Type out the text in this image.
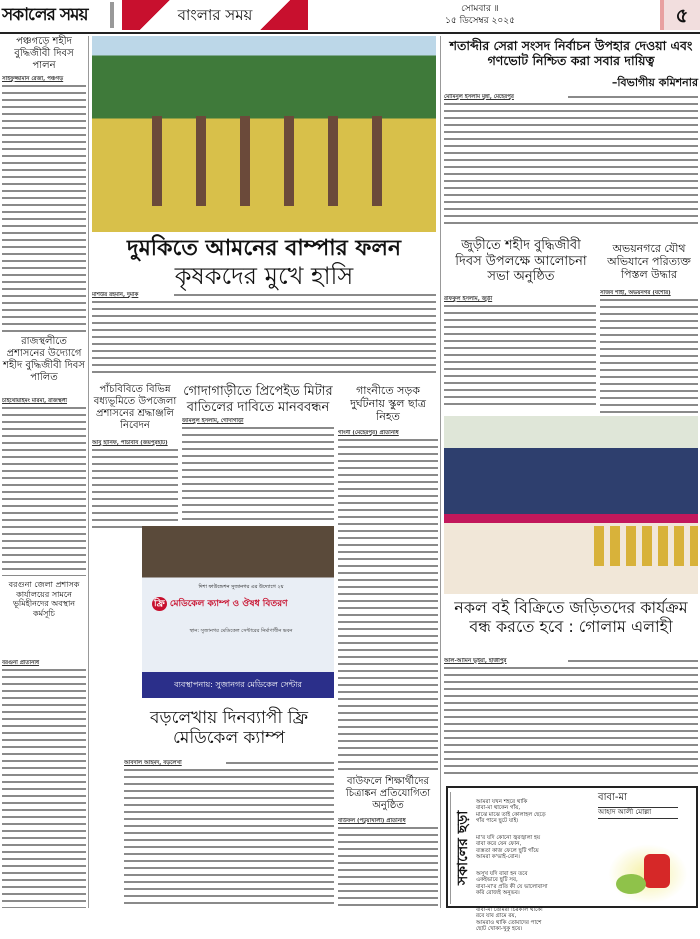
সকালের সময়	বাংলার সময়	সোমবার ॥
১৫ ডিসেম্বর ২০২৫	৫
পঞ্চগড়ে শহীদ বুদ্ধিজীবী দিবস পালন
সাইফুজ্জামান রেজা, পঞ্চগড়
রাজস্থলীতে প্রশাসনের উদ্যোগে শহীদ বুদ্ধিজীবী দিবস পালিত
চাইথোয়াইমং মারমা, রাজস্থলী
বরগুনা জেলা প্রশাসক কার্যালয়ের সামনে ভূমিহীনদের অবস্থান কর্মসূচি
বরগুনা প্রতিনিধি
দুমকিতে আমনের বাম্পার ফলন
কৃষকদের মুখে হাসি
মশিউর রহমান, দুমকি
পাঁচবিবিতে বিভিন্ন বধ্যভূমিতে উপজেলা প্রশাসনের শ্রদ্ধাঞ্জলি নিবেদন
আবু হানিফ, পাঁচবিবি (জয়পুরহাট)
গোদাগাড়ীতে প্রিপেইড মিটার বাতিলের দাবিতে মানববন্ধন
জমিলুল ইসলাম, গোদাগাড়ী
গাংনীতে সড়ক দুর্ঘটনায় স্কুল ছাত্র নিহত
গাংনী (মেহেরপুর) প্রতিনিধি
দিশা ফাউন্ডেশন সুজানগর এর উদ্যোগে ২য়
ফ্রি মেডিকেল ক্যাম্প ও ঔষধ বিতরণ
স্থান: সুজানগর মেডিকেল সেন্টারের নির্মাণাধীন ভবন
ব্যবস্থাপনায়: সুজানগর মেডিকেল সেন্টার
বড়লেখায় দিনব্যাপী ফ্রি মেডিকেল ক্যাম্প
আবদাল আহমদ, বড়লেখা
বাউফলে শিক্ষার্থীদের চিত্রাঙ্কন প্রতিযোগিতা অনুষ্ঠিত
বাউফল (পটুয়াখালী) প্রতিনিধি
শতাব্দীর সেরা সংসদ নির্বাচন উপহার দেওয়া এবং গণভোট নিশ্চিত করা সবার দায়িত্ব
–বিভাগীয় কমিশনার
মোমিনুল ইসলাম মুন্না, মেহেরপুর
জুড়ীতে শহীদ বুদ্ধিজীবী দিবস উপলক্ষে আলোচনা সভা অনুষ্ঠিত
রফিকুল ইসলাম, জুড়ী
অভয়নগরে যৌথ অভিযানে পরিত্যক্ত পিস্তল উদ্ধার
সজিব শাহী, অভয়নগর (যশোর)
নকল বই বিক্রিতে জড়িতদের কার্যক্রম বন্ধ করতে হবে : গোলাম এলাহী
আল-আমিন ভূঁইয়া, হাজীপুর
সকালের ছড়া

আমরা যখন শহরে থাকি
বাবা-মা থাকেন গাঁয়,
মাঝে মাঝে তাই কোলাহল ছেড়ে
গাঁর পানে ছুটে যাই।

মা'র যদি কোনো জ্বরজ্বালা হয়
বাবা করে যেন ফোন,
ব্যস্ততা কাজ ফেলে ছুটি গাঁয়ে
আমরা ক'ভাই-বোন।

অসুখ যদি বাবা হন তবে
একইভাবে ছুটি সব,
বাবা-মা'র প্রতি কী যে ভালোবাসা
করি রোজই অনুভব।

বাবা-মা তোমরা চিরকাল থাকো
রবে যাব গ্রামে রয়,
আমরাও থাকি তোমাদের পাশে
ছোট খোকা-খুকু হয়ে।

বাবা-মা
আহাদ আলী মোল্লা
